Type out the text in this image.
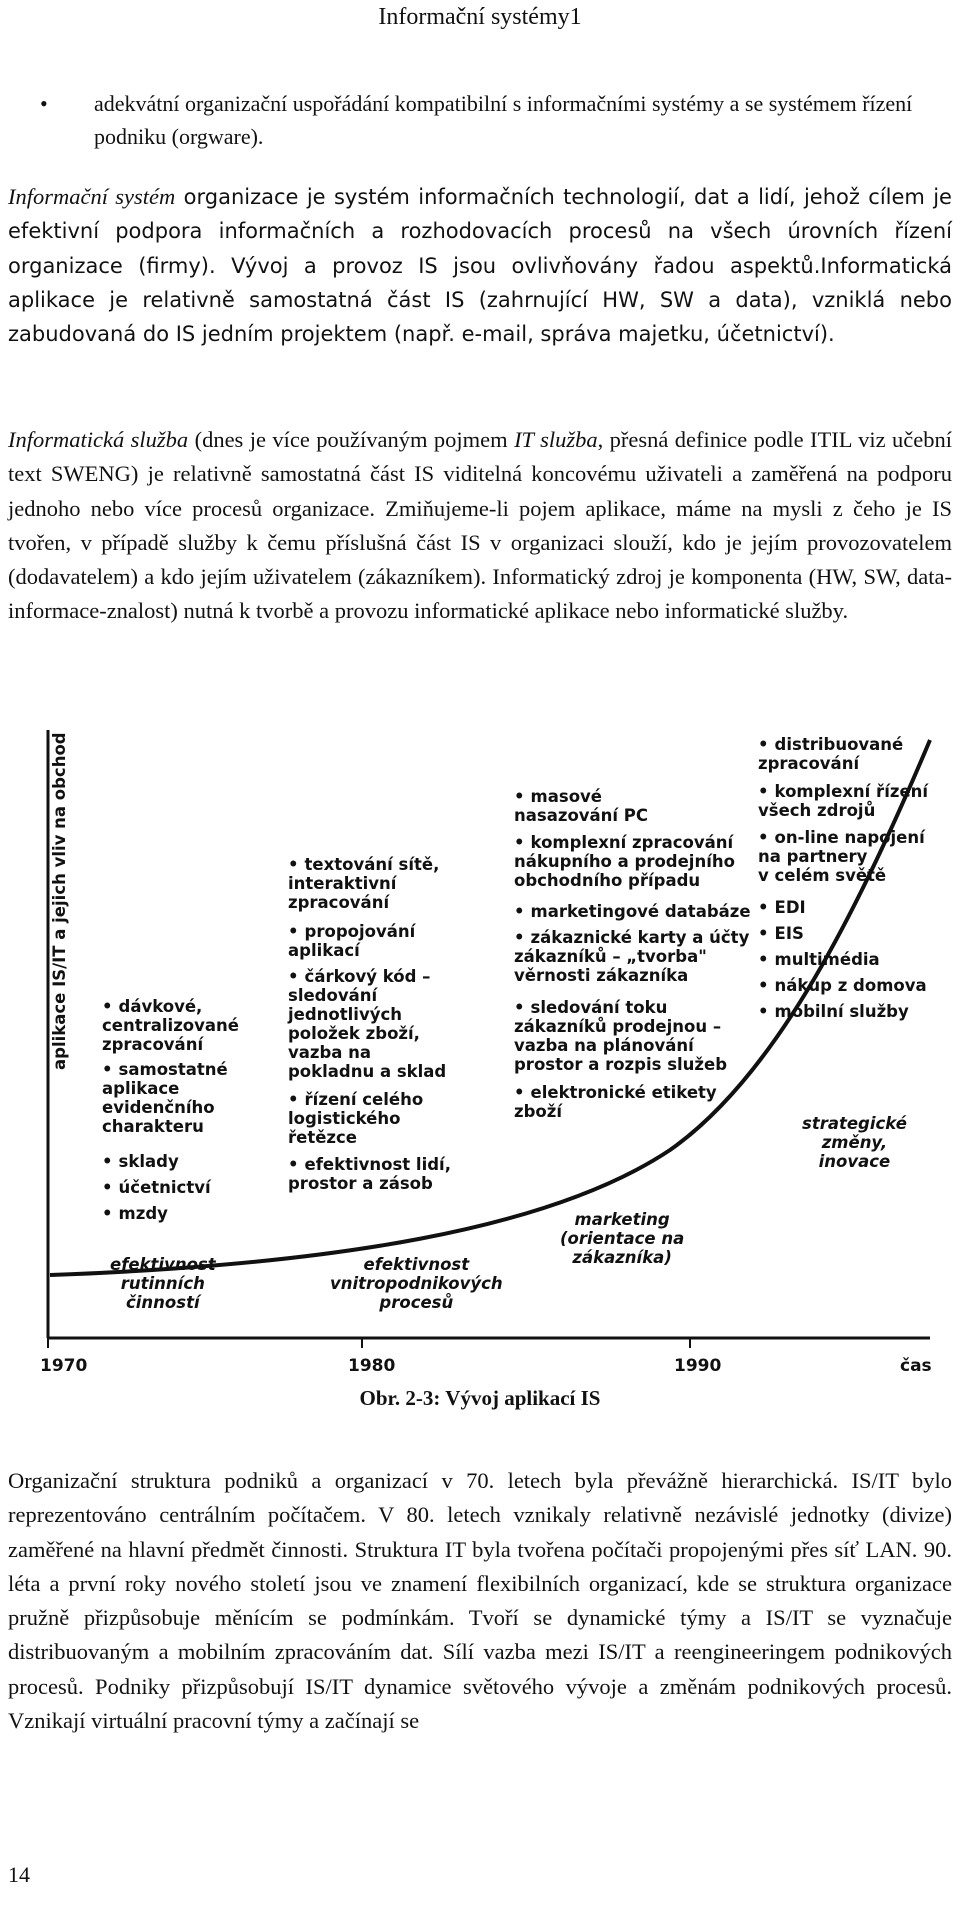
Informační systémy1
• adekvátní organizační uspořádání kompatibilní s informačními systémy a se systémem řízení podniku (orgware).
Informační systém organizace je systém informačních technologií, dat a lidí, jehož cílem je efektivní podpora informačních a rozhodovacích procesů na všech úrovních řízení organizace (firmy). Vývoj a provoz IS jsou ovlivňovány řadou aspektů.Informatická aplikace je relativně samostatná část IS (zahrnující HW, SW a data), vzniklá nebo zabudovaná do IS jedním projektem (např. e-mail, správa majetku, účetnictví).
Informatická služba (dnes je více používaným pojmem IT služba, přesná definice podle ITIL viz učební text SWENG) je relativně samostatná část IS viditelná koncovému uživateli a zaměřená na podporu jednoho nebo více procesů organizace. Zmiňujeme-li pojem aplikace, máme na mysli z čeho je IS tvořen, v případě služby k čemu příslušná část IS v organizaci slouží, kdo je jejím provozovatelem (dodavatelem) a kdo jejím uživatelem (zákazníkem). Informatický zdroj je komponenta (HW, SW, data-informace-znalost) nutná k tvorbě a provozu informatické aplikace nebo informatické služby.
aplikace IS/IT a jejich vliv na obchod
1970	1980	1990	čas
• dávkové,
centralizované
zpracování
• samostatné
aplikace
evidenčního
charakteru
• sklady
• účetnictví
• mzdy
• textování sítě,
interaktivní
zpracování
• propojování
aplikací
• čárkový kód –
sledování
jednotlivých
položek zboží,
vazba na
pokladnu a sklad
• řízení celého
logistického
řetězce
• efektivnost lidí,
prostor a zásob
• masové
nasazování PC
• komplexní zpracování
nákupního a prodejního
obchodního případu
• marketingové databáze
• zákaznické karty a účty
zákazníků – „tvorba"
věrnosti zákazníka
• sledování toku
zákazníků prodejnou –
vazba na plánování
prostor a rozpis služeb
• elektronické etikety
zboží
• distribuované
zpracování
• komplexní řízení
všech zdrojů
• on-line napojení
na partnery
v celém světě
• EDI
• EIS
• multimédia
• nákup z domova
• mobilní služby
efektivnost
rutinních
činností
efektivnost
vnitropodnikových
procesů
marketing
(orientace na
zákazníka)
strategické
změny,
inovace
Obr. 2-3: Vývoj aplikací IS
Organizační struktura podniků a organizací v 70. letech byla převážně hierarchická. IS/IT bylo reprezentováno centrálním počítačem. V 80. letech vznikaly relativně nezávislé jednotky (divize) zaměřené na hlavní předmět činnosti. Struktura IT byla tvořena počítači propojenými přes síť LAN. 90. léta a první roky nového století jsou ve znamení flexibilních organizací, kde se struktura organizace pružně přizpůsobuje měnícím se podmínkám. Tvoří se dynamické týmy a IS/IT se vyznačuje distribuovaným a mobilním zpracováním dat. Sílí vazba mezi IS/IT a reengineeringem podnikových procesů. Podniky přizpůsobují IS/IT dynamice světového vývoje a změnám podnikových procesů. Vznikají virtuální pracovní týmy a začínají se
14
